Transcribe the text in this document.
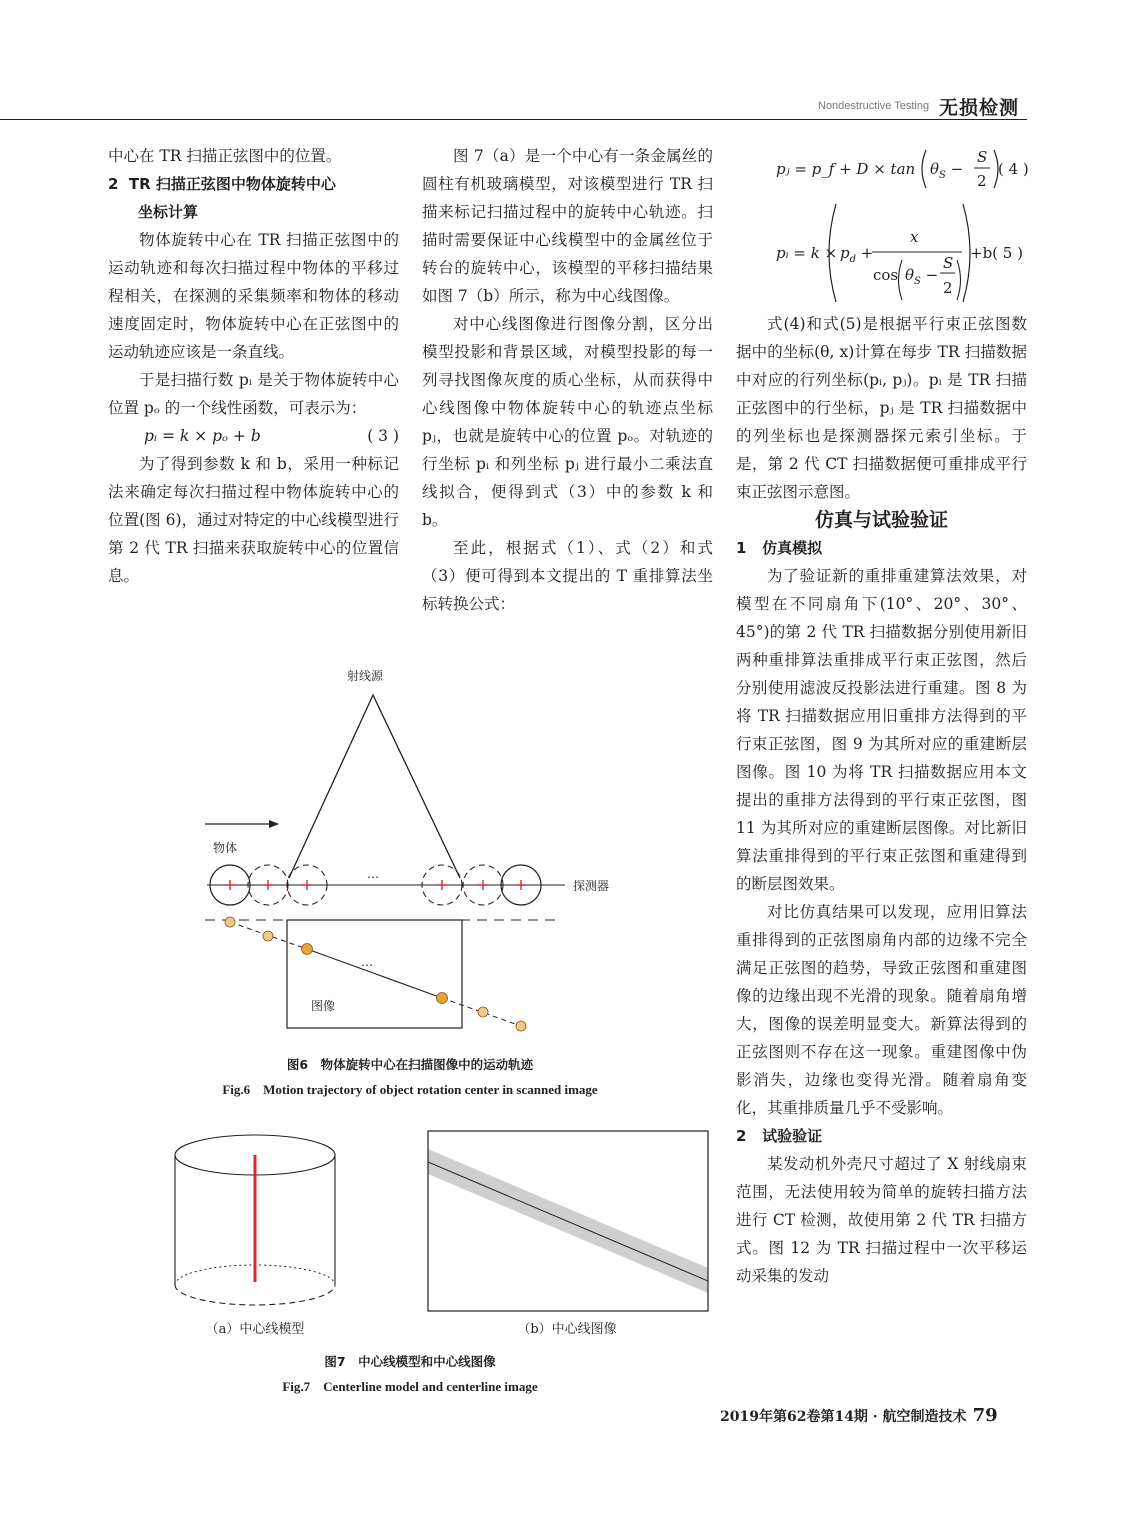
Nondestructive Testing 无损检测

中心在 TR 扫描正弦图中的位置。

2 TR 扫描正弦图中物体旋转中心

坐标计算

物体旋转中心在 TR 扫描正弦图中的运动轨迹和每次扫描过程中物体的平移过程相关，在探测的采集频率和物体的移动速度固定时，物体旋转中心在正弦图中的运动轨迹应该是一条直线。

于是扫描行数 pᵢ 是关于物体旋转中心位置 pₒ 的一个线性函数，可表示为：

pᵢ = k × pₒ + b	( 3 )

为了得到参数 k 和 b，采用一种标记法来确定每次扫描过程中物体旋转中心的位置(图 6)，通过对特定的中心线模型进行第 2 代 TR 扫描来获取旋转中心的位置信息。

图 7（a）是一个中心有一条金属丝的圆柱有机玻璃模型，对该模型进行 TR 扫描来标记扫描过程中的旋转中心轨迹。扫描时需要保证中心线模型中的金属丝位于转台的旋转中心，该模型的平移扫描结果如图 7（b）所示，称为中心线图像。

对中心线图像进行图像分割，区分出模型投影和背景区域，对模型投影的每一列寻找图像灰度的质心坐标，从而获得中心线图像中物体旋转中心的轨迹点坐标 pⱼ，也就是旋转中心的位置 pₒ。对轨迹的行坐标 pᵢ 和列坐标 pⱼ 进行最小二乘法直线拟合，便得到式（3）中的参数 k 和 b。

至此，根据式（1）、式（2）和式（3）便可得到本文提出的 T 重排算法坐标转换公式：

pⱼ = p_f + $D \times \tan \theta_S$ −
S
2
( 4 )
pᵢ = $k \times p_d$ +
x
$\cos \theta_S$ −
S
2
+b( 5 )

式(4)和式(5)是根据平行束正弦图数据中的坐标(θ, x)计算在每步 TR 扫描数据中对应的行列坐标(pᵢ, pⱼ)。pᵢ 是 TR 扫描正弦图中的行坐标，pⱼ 是 TR 扫描数据中的列坐标也是探测器探元索引坐标。于是，第 2 代 CT 扫描数据便可重排成平行束正弦图示意图。

仿真与试验验证

1 仿真模拟

为了验证新的重排重建算法效果，对模型在不同扇角下(10°、20°、30°、45°)的第 2 代 TR 扫描数据分别使用新旧两种重排算法重排成平行束正弦图，然后分别使用滤波反投影法进行重建。图 8 为将 TR 扫描数据应用旧重排方法得到的平行束正弦图，图 9 为其所对应的重建断层图像。图 10 为将 TR 扫描数据应用本文提出的重排方法得到的平行束正弦图，图 11 为其所对应的重建断层图像。对比新旧算法重排得到的平行束正弦图和重建得到的断层图效果。

对比仿真结果可以发现，应用旧算法重排得到的正弦图扇角内部的边缘不完全满足正弦图的趋势，导致正弦图和重建图像的边缘出现不光滑的现象。随着扇角增大，图像的误差明显变大。新算法得到的正弦图则不存在这一现象。重建图像中伪影消失，边缘也变得光滑。随着扇角变化，其重排质量几乎不受影响。

2 试验验证

某发动机外壳尺寸超过了 X 射线扇束范围，无法使用较为简单的旋转扫描方法进行 CT 检测，故使用第 2 代 TR 扫描方式。图 12 为 TR 扫描过程中一次平移运动采集的发动

射线源
物体
探测器
…
图像
…
图6　物体旋转中心在扫描图像中的运动轨迹
Fig.6　Motion trajectory of object rotation center in scanned image
（a）中心线模型	（b）中心线图像
图7　中心线模型和中心线图像
Fig.7　Centerline model and centerline image
2019年第62卷第14期 · 航空制造技术 79
